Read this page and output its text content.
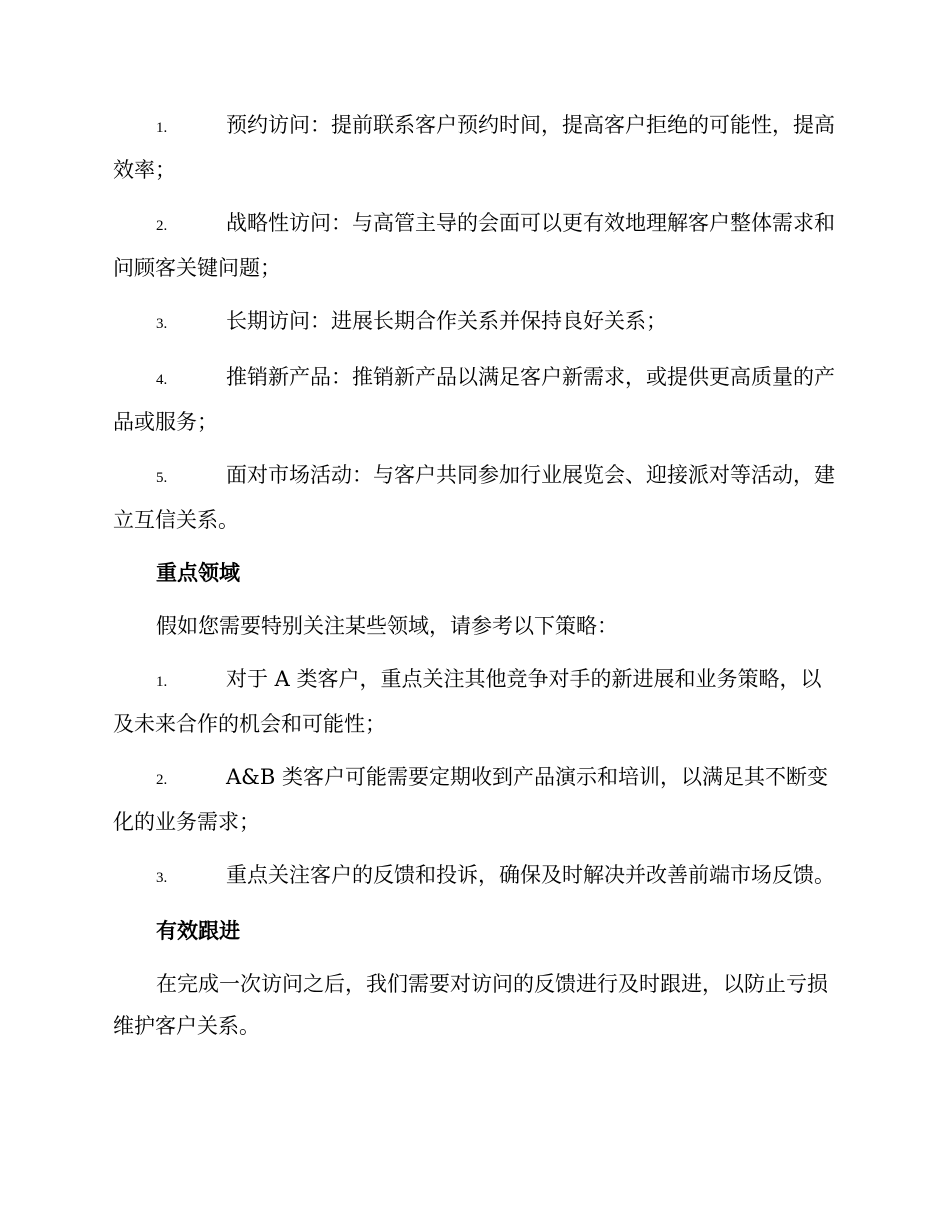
1.	预约访问：提前联系客户预约时间，提高客户拒绝的可能性，提高效率；
2.	战略性访问：与高管主导的会面可以更有效地理解客户整体需求和问顾客关键问题；
3.	长期访问：进展长期合作关系并保持良好关系；
4.	推销新产品：推销新产品以满足客户新需求，或提供更高质量的产品或服务；
5.	面对市场活动：与客户共同参加行业展览会、迎接派对等活动，建立互信关系。
重点领域
假如您需要特别关注某些领域，请参考以下策略：
1.	对于 A 类客户，重点关注其他竞争对手的新进展和业务策略，以及未来合作的机会和可能性；
2.	A&B 类客户可能需要定期收到产品演示和培训，以满足其不断变化的业务需求；
3.	重点关注客户的反馈和投诉，确保及时解决并改善前端市场反馈。
有效跟进
在完成一次访问之后，我们需要对访问的反馈进行及时跟进，以防止亏损维护客户关系。
